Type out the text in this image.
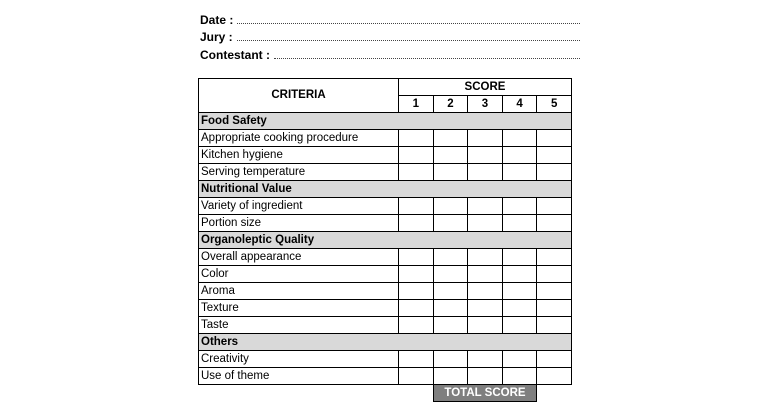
Date :
Jury :
Contestant :
CRITERIA	SCORE				
	1	2	3	4	5
Food Safety					
Appropriate cooking procedure					
Kitchen hygiene					
Serving temperature					
Nutritional Value					
Variety of ingredient					
Portion size					
Organoleptic Quality					
Overall appearance					
Color					
Aroma					
Texture					
Taste					
Others					
Creativity					
Use of theme					
		TOTAL SCORE			
